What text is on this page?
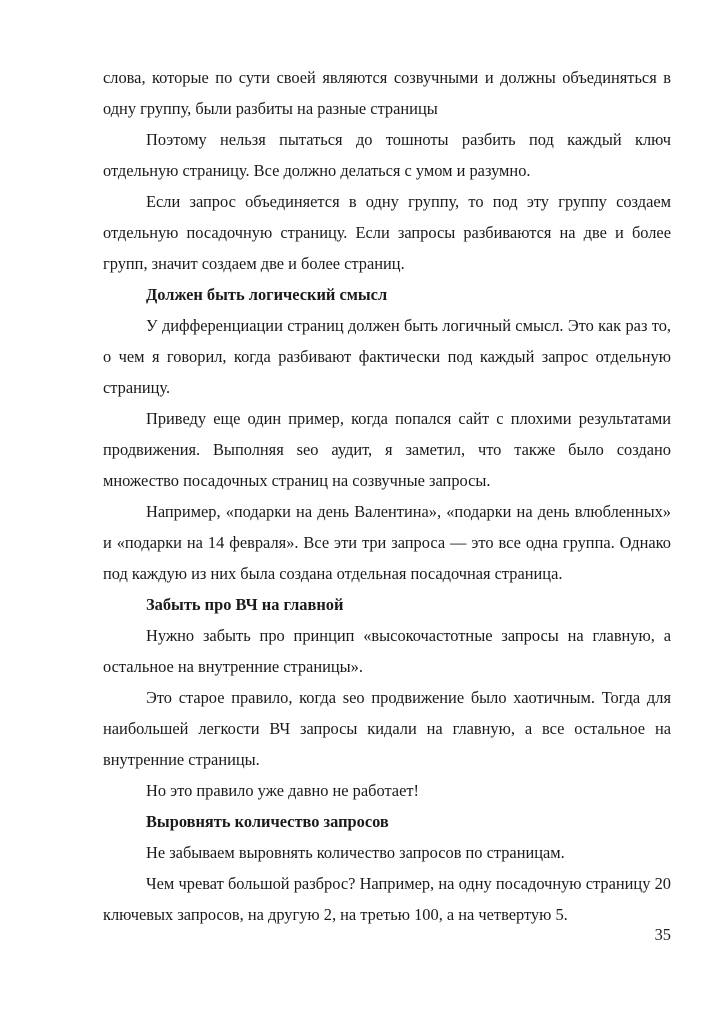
слова, которые по сути своей являются созвучными и должны объединяться в одну группу, были разбиты на разные страницы

Поэтому нельзя пытаться до тошноты разбить под каждый ключ отдельную страницу. Все должно делаться с умом и разумно.

Если запрос объединяется в одну группу, то под эту группу создаем отдельную посадочную страницу. Если запросы разбиваются на две и более групп, значит создаем две и более страниц.

Должен быть логический смысл

У дифференциации страниц должен быть логичный смысл. Это как раз то, о чем я говорил, когда разбивают фактически под каждый запрос отдельную страницу.

Приведу еще один пример, когда попался сайт с плохими результатами продвижения. Выполняя seo аудит, я заметил, что также было создано множество посадочных страниц на созвучные запросы.

Например, «подарки на день Валентина», «подарки на день влюбленных» и «подарки на 14 февраля». Все эти три запроса — это все одна группа. Однако под каждую из них была создана отдельная посадочная страница.

Забыть про ВЧ на главной

Нужно забыть про принцип «высокочастотные запросы на главную, а остальное на внутренние страницы».

Это старое правило, когда seo продвижение было хаотичным. Тогда для наибольшей легкости ВЧ запросы кидали на главную, а все остальное на внутренние страницы.

Но это правило уже давно не работает!

Выровнять количество запросов

Не забываем выровнять количество запросов по страницам.

Чем чреват большой разброс? Например, на одну посадочную страницу 20 ключевых запросов, на другую 2, на третью 100, а на четвертую 5.

35
